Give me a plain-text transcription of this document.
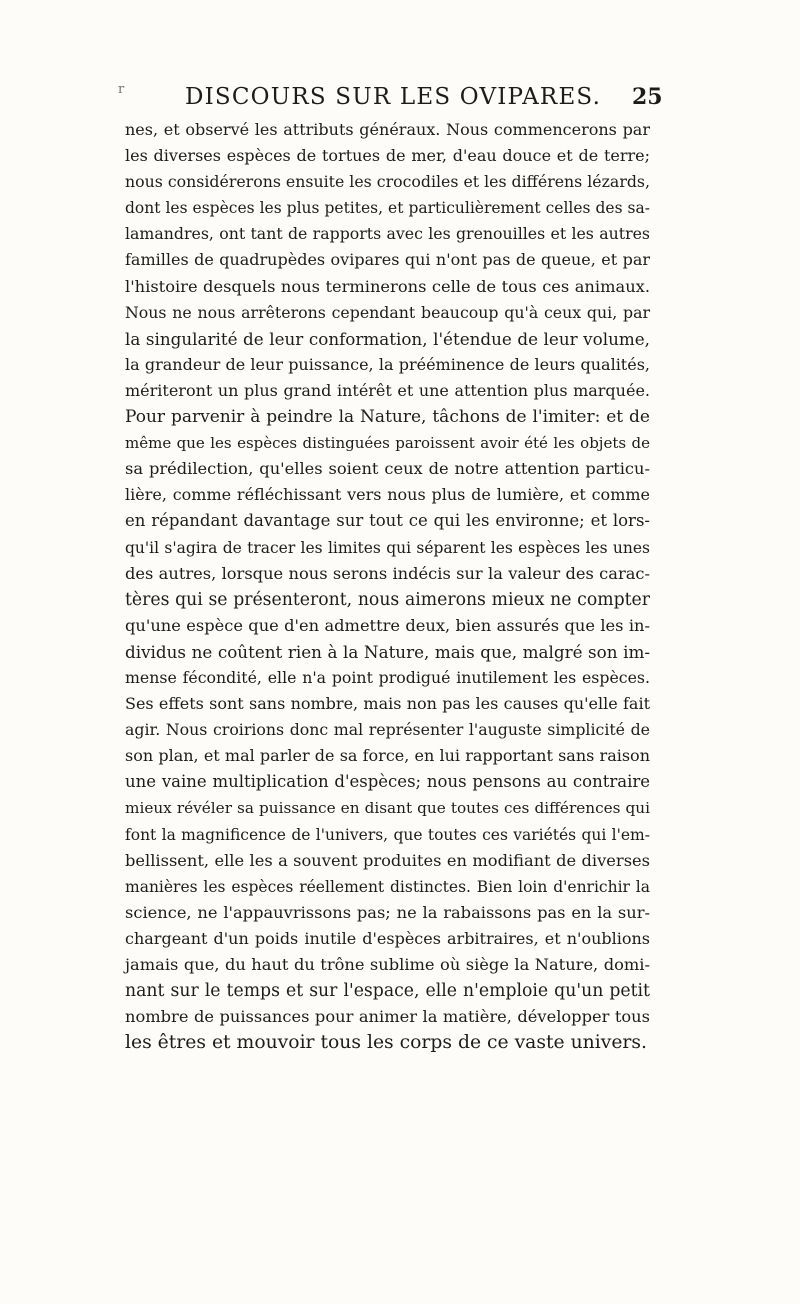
r	DISCOURS SUR LES OVIPARES. 25
nes, et observé les attributs généraux. Nous commencerons par
les diverses espèces de tortues de mer, d'eau douce et de terre;
nous considérerons ensuite les crocodiles et les différens lézards,
dont les espèces les plus petites, et particulièrement celles des sa-
lamandres, ont tant de rapports avec les grenouilles et les autres
familles de quadrupèdes ovipares qui n'ont pas de queue, et par
l'histoire desquels nous terminerons celle de tous ces animaux.
Nous ne nous arrêterons cependant beaucoup qu'à ceux qui, par
la singularité de leur conformation, l'étendue de leur volume,
la grandeur de leur puissance, la prééminence de leurs qualités,
mériteront un plus grand intérêt et une attention plus marquée.
Pour parvenir à peindre la Nature, tâchons de l'imiter: et de
même que les espèces distinguées paroissent avoir été les objets de
sa prédilection, qu'elles soient ceux de notre attention particu-
lière, comme réfléchissant vers nous plus de lumière, et comme
en répandant davantage sur tout ce qui les environne; et lors-
qu'il s'agira de tracer les limites qui séparent les espèces les unes
des autres, lorsque nous serons indécis sur la valeur des carac-
tères qui se présenteront, nous aimerons mieux ne compter
qu'une espèce que d'en admettre deux, bien assurés que les in-
dividus ne coûtent rien à la Nature, mais que, malgré son im-
mense fécondité, elle n'a point prodigué inutilement les espèces.
Ses effets sont sans nombre, mais non pas les causes qu'elle fait
agir. Nous croirions donc mal représenter l'auguste simplicité de
son plan, et mal parler de sa force, en lui rapportant sans raison
une vaine multiplication d'espèces; nous pensons au contraire
mieux révéler sa puissance en disant que toutes ces différences qui
font la magnificence de l'univers, que toutes ces variétés qui l'em-
bellissent, elle les a souvent produites en modifiant de diverses
manières les espèces réellement distinctes. Bien loin d'enrichir la
science, ne l'appauvrissons pas; ne la rabaissons pas en la sur-
chargeant d'un poids inutile d'espèces arbitraires, et n'oublions
jamais que, du haut du trône sublime où siège la Nature, domi-
nant sur le temps et sur l'espace, elle n'emploie qu'un petit
nombre de puissances pour animer la matière, développer tous
les êtres et mouvoir tous les corps de ce vaste univers.
